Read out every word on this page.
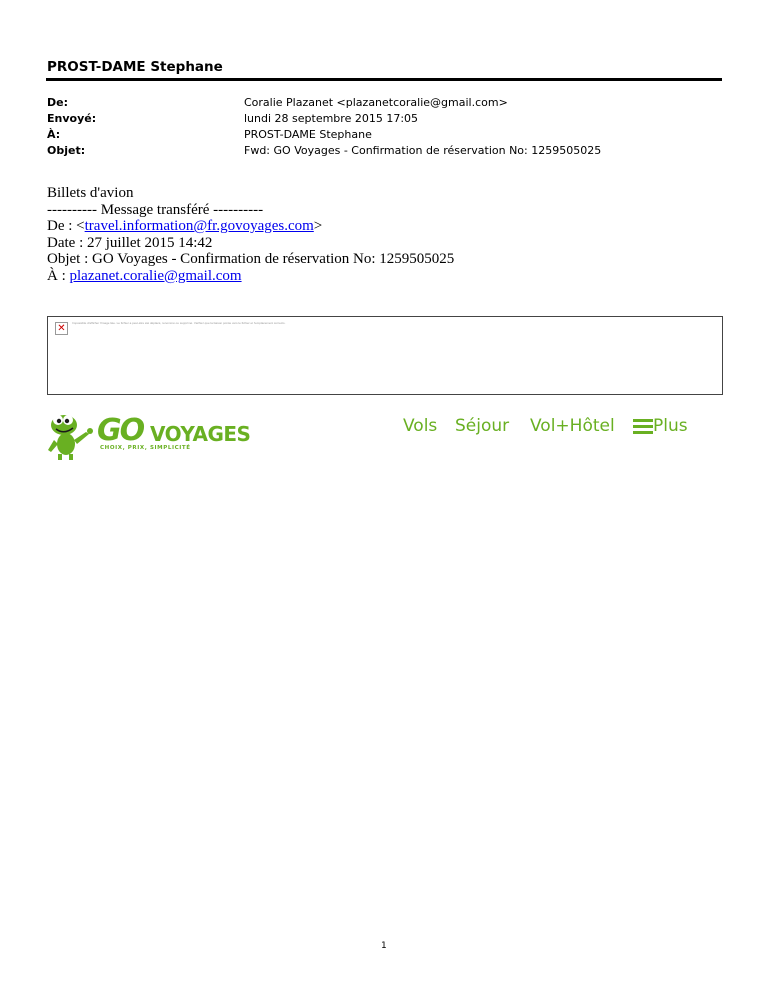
PROST-DAME Stephane
De:	Coralie Plazanet <plazanetcoralie@gmail.com>
Envoyé:	lundi 28 septembre 2015 17:05
À:	PROST-DAME Stephane
Objet:	Fwd: GO Voyages - Confirmation de réservation No: 1259505025
Billets d'avion
---------- Message transféré ----------
De : <travel.information@fr.govoyages.com>
Date : 27 juillet 2015 14:42
Objet : GO Voyages - Confirmation de réservation No: 1259505025
À : plazanet.coralie@gmail.com
✕	Impossible d'afficher l'image liée. Le fichier a peut-être été déplacé, renommé ou supprimé. Vérifiez que la liaison pointe vers le fichier et l'emplacement corrects.
GO VOYAGES
CHOIX, PRIX, SIMPLICITÉ
Vols Séjour Vol+Hôtel Plus
1
